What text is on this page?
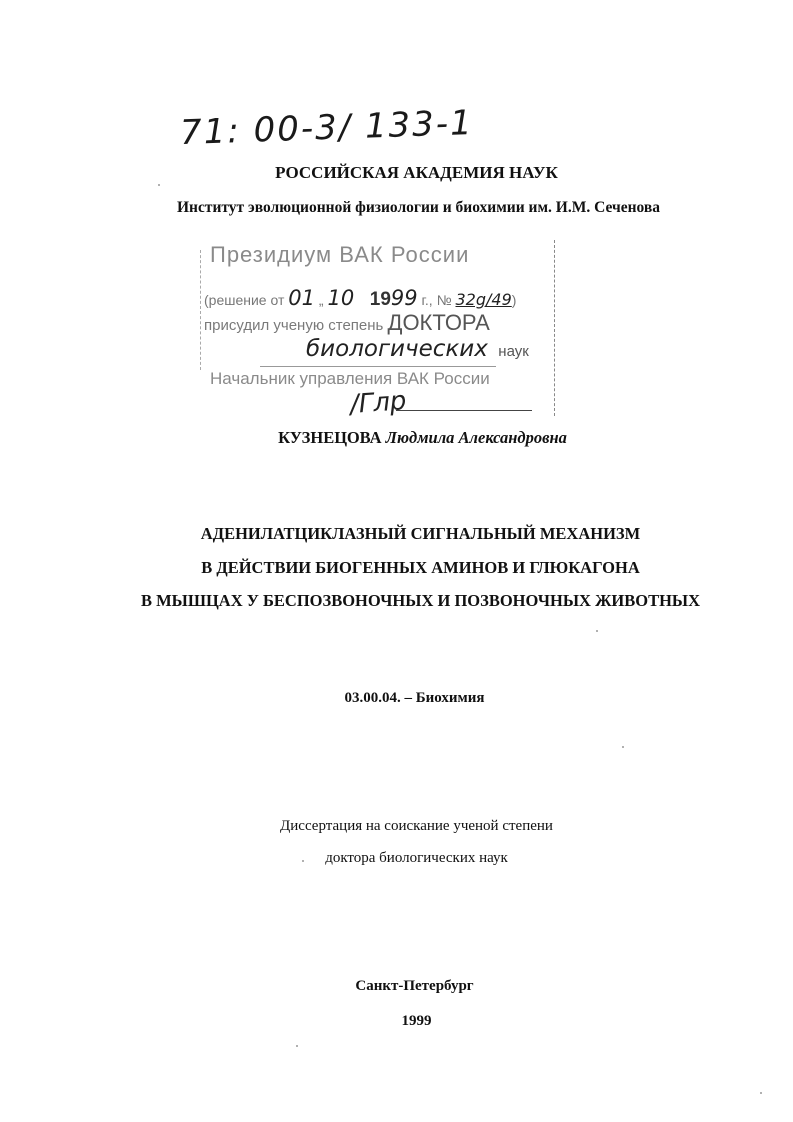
71: 00-3/ 133-1
РОССИЙСКАЯ АКАДЕМИЯ НАУК
Институт эволюционной физиологии и биохимии им. И.М. Сеченова
Президиум ВАК России
(решение от 01 „ 10 1999 г., № 32g/49)
присудил ученую степень ДОКТОРА
биологических наук
Начальник управления ВАК России
/Глр
КУЗНЕЦОВА Людмила Александровна
АДЕНИЛАТЦИКЛАЗНЫЙ СИГНАЛЬНЫЙ МЕХАНИЗМ
В ДЕЙСТВИИ БИОГЕННЫХ АМИНОВ И ГЛЮКАГОНА
В МЫШЦАХ У БЕСПОЗВОНОЧНЫХ И ПОЗВОНОЧНЫХ ЖИВОТНЫХ
03.00.04. – Биохимия
Диссертация на соискание ученой степени
доктора биологических наук
Санкт-Петербург
1999
